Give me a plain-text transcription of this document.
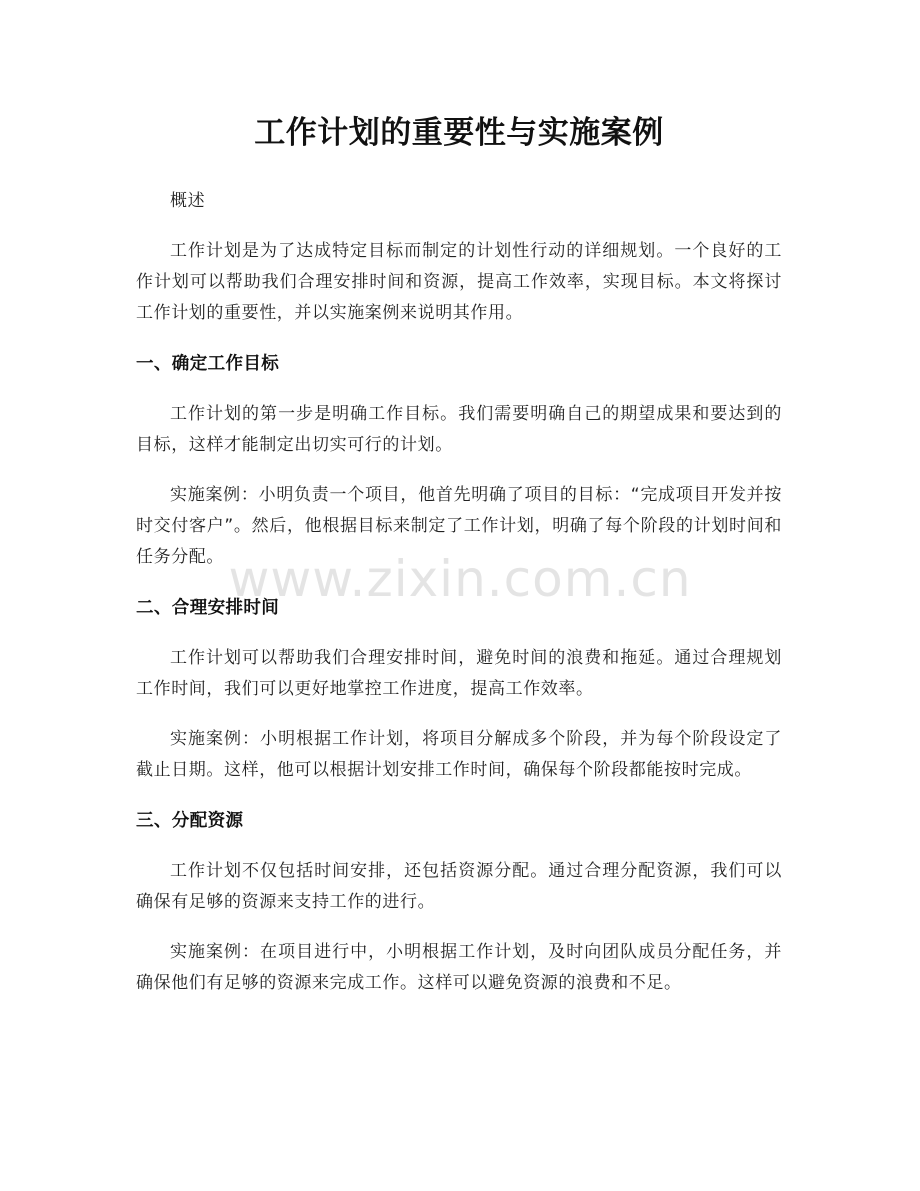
工作计划的重要性与实施案例

概述

工作计划是为了达成特定目标而制定的计划性行动的详细规划。一个良好的工作计划可以帮助我们合理安排时间和资源，提高工作效率，实现目标。本文将探讨工作计划的重要性，并以实施案例来说明其作用。

一、确定工作目标

工作计划的第一步是明确工作目标。我们需要明确自己的期望成果和要达到的目标，这样才能制定出切实可行的计划。

实施案例：小明负责一个项目，他首先明确了项目的目标：“完成项目开发并按时交付客户”。然后，他根据目标来制定了工作计划，明确了每个阶段的计划时间和任务分配。

二、合理安排时间

工作计划可以帮助我们合理安排时间，避免时间的浪费和拖延。通过合理规划工作时间，我们可以更好地掌控工作进度，提高工作效率。

实施案例：小明根据工作计划，将项目分解成多个阶段，并为每个阶段设定了截止日期。这样，他可以根据计划安排工作时间，确保每个阶段都能按时完成。

三、分配资源

工作计划不仅包括时间安排，还包括资源分配。通过合理分配资源，我们可以确保有足够的资源来支持工作的进行。

实施案例：在项目进行中，小明根据工作计划，及时向团队成员分配任务，并确保他们有足够的资源来完成工作。这样可以避免资源的浪费和不足。

www.zixin.com.cn
